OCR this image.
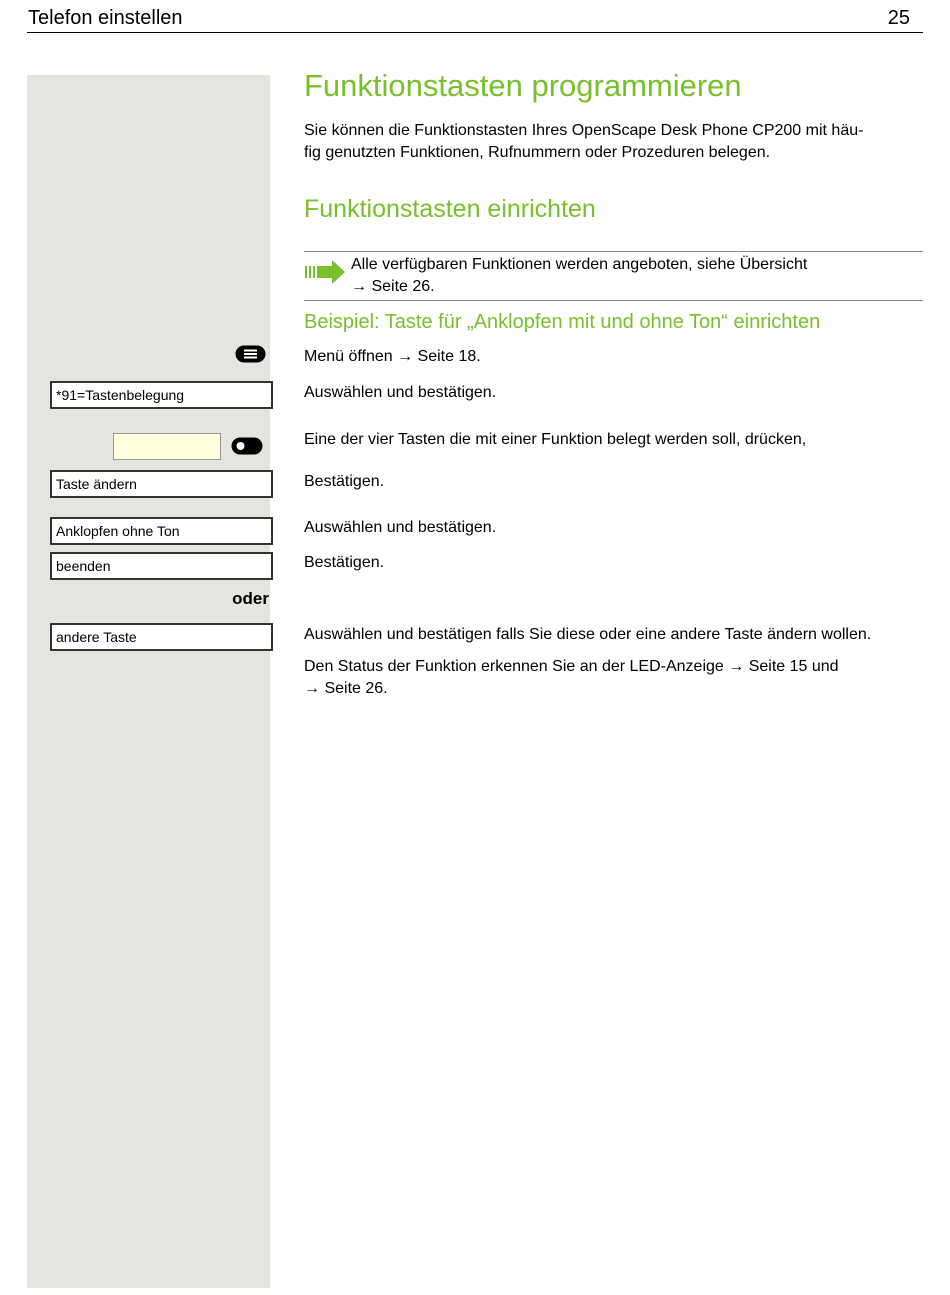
Telefon einstellen	25
*91=Tastenbelegung
Taste ändern
Anklopfen ohne Ton
beenden
oder
andere Taste
Funktionstasten programmieren
Sie können die Funktionstasten Ihres OpenScape Desk Phone CP200 mit häu-
fig genutzten Funktionen, Rufnummern oder Prozeduren belegen.
Funktionstasten einrichten
Alle verfügbaren Funktionen werden angeboten, siehe Übersicht
→ Seite 26.
Beispiel: Taste für „Anklopfen mit und ohne Ton“ einrichten
Menü öffnen → Seite 18.
Auswählen und bestätigen.
Eine der vier Tasten die mit einer Funktion belegt werden soll, drücken,
Bestätigen.
Auswählen und bestätigen.
Bestätigen.
Auswählen und bestätigen falls Sie diese oder eine andere Taste ändern wollen.
Den Status der Funktion erkennen Sie an der LED-Anzeige → Seite 15 und
→ Seite 26.
